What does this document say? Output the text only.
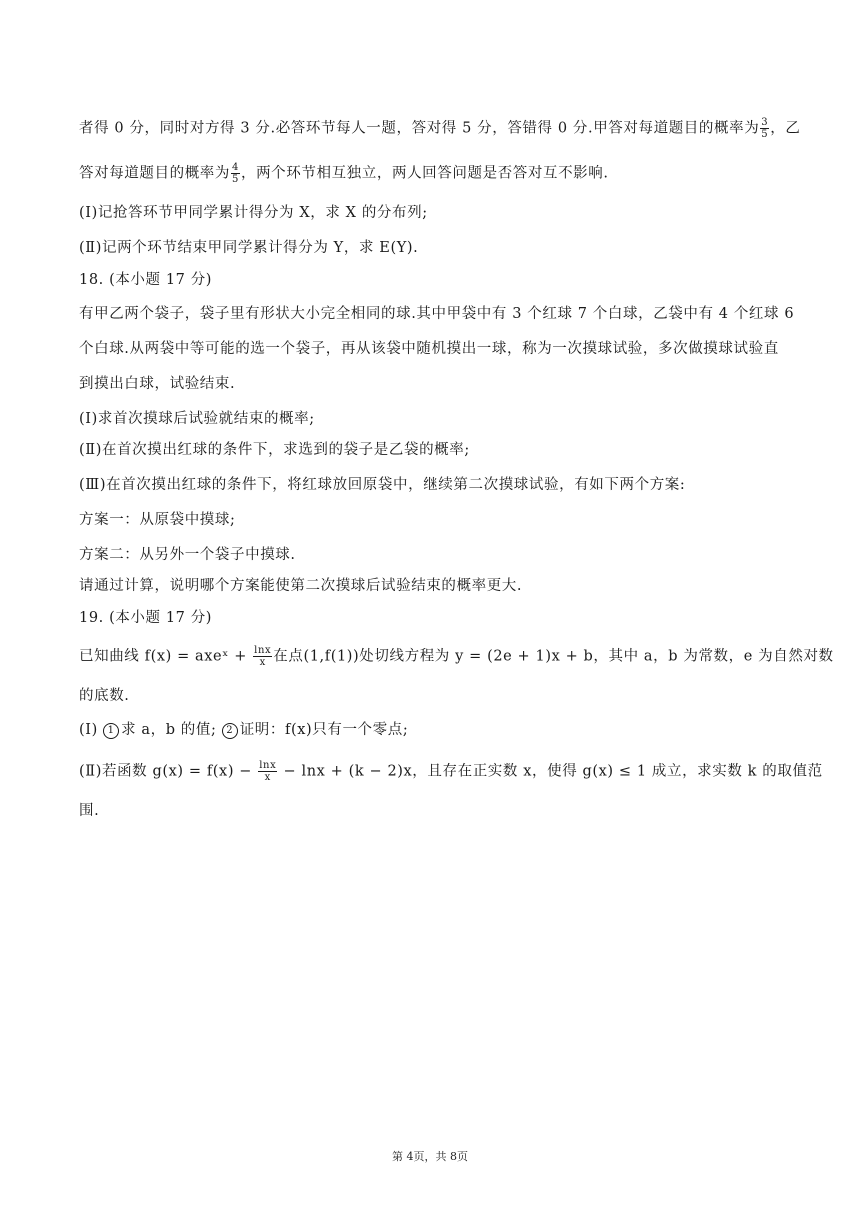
者得 0 分，同时对方得 3 分.必答环节每人一题，答对得 5 分，答错得 0 分.甲答对每道题目的概率为 $\frac{3}{5}$ ，乙

答对每道题目的概率为 $\frac{4}{5}$ ，两个环节相互独立，两人回答问题是否答对互不影响.

(Ⅰ)记抢答环节甲同学累计得分为 X，求 X 的分布列;

(Ⅱ)记两个环节结束甲同学累计得分为 Y，求 E(Y).

18. (本小题 17 分)

有甲乙两个袋子，袋子里有形状大小完全相同的球.其中甲袋中有 3 个红球 7 个白球，乙袋中有 4 个红球 6

个白球.从两袋中等可能的选一个袋子，再从该袋中随机摸出一球，称为一次摸球试验，多次做摸球试验直

到摸出白球，试验结束.

(Ⅰ)求首次摸球后试验就结束的概率;

(Ⅱ)在首次摸出红球的条件下，求选到的袋子是乙袋的概率;

(Ⅲ)在首次摸出红球的条件下，将红球放回原袋中，继续第二次摸球试验，有如下两个方案:

方案一：从原袋中摸球;

方案二：从另外一个袋子中摸球.

请通过计算，说明哪个方案能使第二次摸球后试验结束的概率更大.

19. (本小题 17 分)

已知曲线 f(x) = axeˣ + $\frac{\ln x}{x}$ 在点(1,f(1))处切线方程为 y = (2e + 1)x + b，其中 a，b 为常数，e 为自然对数

的底数.

(Ⅰ) 1 求 a，b 的值; 2 证明：f(x)只有一个零点;

(Ⅱ)若函数 $g(x) = f(x) - \frac{\ln x}{x} - \ln x + (k - 2)x$，且存在正实数 x，使得 g(x) ≤ 1 成立，求实数 k 的取值范

围.

第 4页，共 8页
